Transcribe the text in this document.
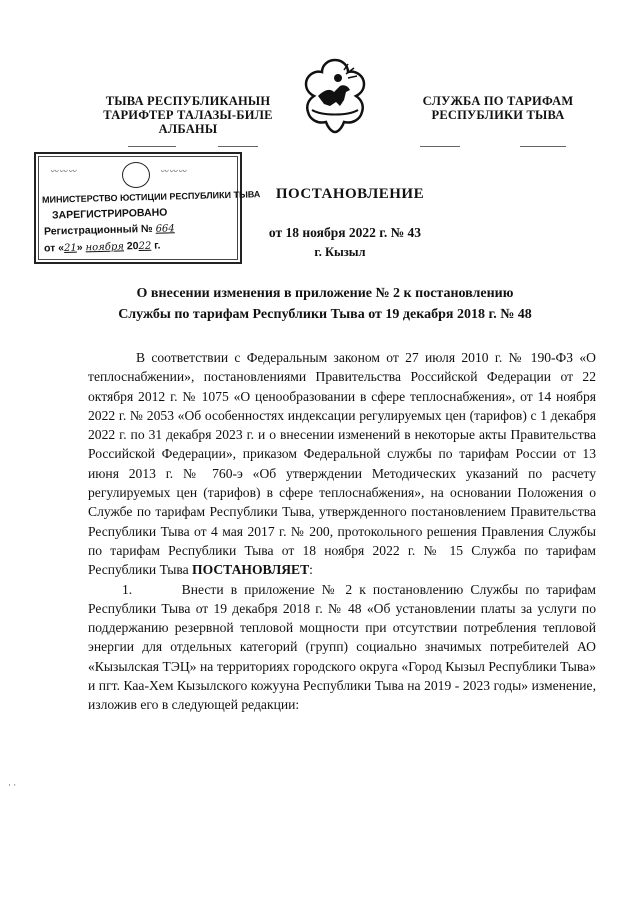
ТЫВА РЕСПУБЛИКАНЫН
ТАРИФТЕР ТАЛАЗЫ-БИЛЕ
АЛБАНЫ
СЛУЖБА ПО ТАРИФАМ
РЕСПУБЛИКИ ТЫВА
〰〰〰	〰〰〰
МИНИСТЕРСТВО ЮСТИЦИИ РЕСПУБЛИКИ ТЫВА
ЗАРЕГИСТРИРОВАНО
Регистрационный № 664
от «21» ноября 2022 г.
ПОСТАНОВЛЕНИЕ
от 18 ноября 2022 г. № 43
г. Кызыл
О внесении изменения в приложение № 2 к постановлению
Службы по тарифам Республики Тыва от 19 декабря 2018 г. № 48

В соответствии с Федеральным законом от 27 июля 2010 г. № 190-ФЗ «О теплоснабжении», постановлениями Правительства Российской Федерации от 22 октября 2012 г. № 1075 «О ценообразовании в сфере теплоснабжения», от 14 ноября 2022 г. № 2053 «Об особенностях индексации регулируемых цен (тарифов) с 1 декабря 2022 г. по 31 декабря 2023 г. и о внесении изменений в некоторые акты Правительства Российской Федерации», приказом Федеральной службы по тарифам России от 13 июня 2013 г. № 760-э «Об утверждении Методических указаний по расчету регулируемых цен (тарифов) в сфере теплоснабжения», на основании Положения о Службе по тарифам Республики Тыва, утвержденного постановлением Правительства Республики Тыва от 4 мая 2017 г. № 200, протокольного решения Правления Службы по тарифам Республики Тыва от 18 ноября 2022 г. № 15 Служба по тарифам Республики Тыва ПОСТАНОВЛЯЕТ:

1.	Внести в приложение № 2 к постановлению Службы по тарифам Республики Тыва от 19 декабря 2018 г. № 48 «Об установлении платы за услуги по поддержанию резервной тепловой мощности при отсутствии потребления тепловой энергии для отдельных категорий (групп) социально значимых потребителей АО «Кызылская ТЭЦ» на территориях городского округа «Город Кызыл Республики Тыва» и пгт. Каа-Хем Кызылского кожууна Республики Тыва на 2019 - 2023 годы» изменение, изложив его в следующей редакции:

· ·
